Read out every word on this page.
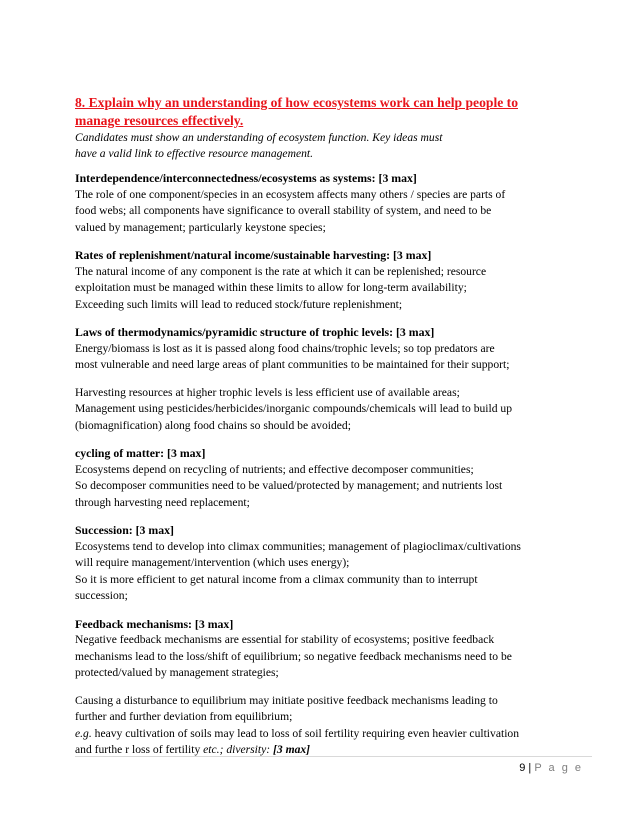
8. Explain why an understanding of how ecosystems work can help people to
manage resources effectively.

Candidates must show an understanding of ecosystem function. Key ideas must
have a valid link to effective resource management.

Interdependence/interconnectedness/ecosystems as systems: [3 max]

The role of one component/species in an ecosystem affects many others / species are parts of

food webs; all components have significance to overall stability of system, and need to be

valued by management; particularly keystone species;

Rates of replenishment/natural income/sustainable harvesting: [3 max]

The natural income of any component is the rate at which it can be replenished; resource

exploitation must be managed within these limits to allow for long-term availability;

Exceeding such limits will lead to reduced stock/future replenishment;

Laws of thermodynamics/pyramidic structure of trophic levels: [3 max]

Energy/biomass is lost as it is passed along food chains/trophic levels; so top predators are

most vulnerable and need large areas of plant communities to be maintained for their support;

Harvesting resources at higher trophic levels is less efficient use of available areas;

Management using pesticides/herbicides/inorganic compounds/chemicals will lead to build up

(biomagnification) along food chains so should be avoided;

cycling of matter: [3 max]

Ecosystems depend on recycling of nutrients; and effective decomposer communities;

So decomposer communities need to be valued/protected by management; and nutrients lost

through harvesting need replacement;

Succession: [3 max]

Ecosystems tend to develop into climax communities; management of plagioclimax/cultivations

will require management/intervention (which uses energy);

So it is more efficient to get natural income from a climax community than to interrupt

succession;

Feedback mechanisms: [3 max]

Negative feedback mechanisms are essential for stability of ecosystems; positive feedback

mechanisms lead to the loss/shift of equilibrium; so negative feedback mechanisms need to be

protected/valued by management strategies;

Causing a disturbance to equilibrium may initiate positive feedback mechanisms leading to

further and further deviation from equilibrium;

e.g. heavy cultivation of soils may lead to loss of soil fertility requiring even heavier cultivation

and furthe r loss of fertility etc.; diversity: [3 max]

9 | P a g e
